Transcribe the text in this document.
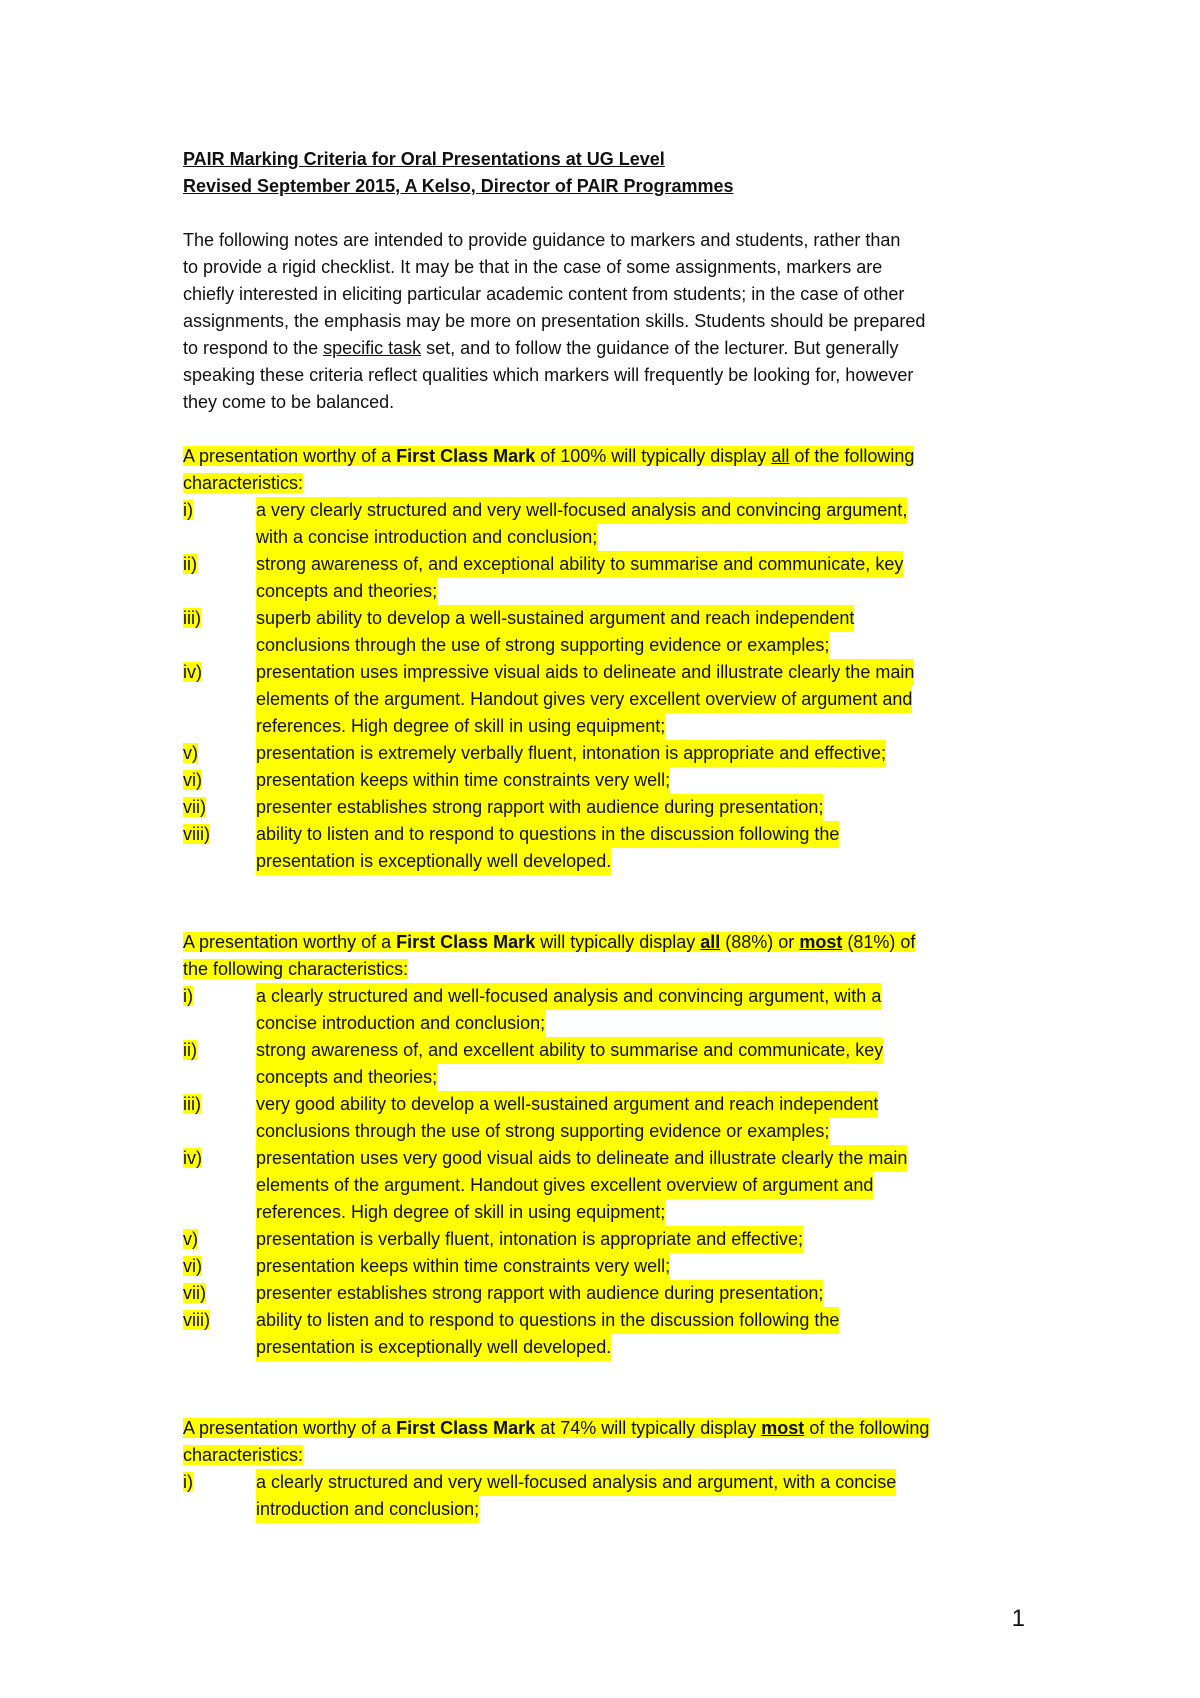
PAIR Marking Criteria for Oral Presentations at UG Level
Revised September 2015, A Kelso, Director of PAIR Programmes
The following notes are intended to provide guidance to markers and students, rather than
to provide a rigid checklist. It may be that in the case of some assignments, markers are
chiefly interested in eliciting particular academic content from students; in the case of other
assignments, the emphasis may be more on presentation skills. Students should be prepared
to respond to the specific task set, and to follow the guidance of the lecturer. But generally
speaking these criteria reflect qualities which markers will frequently be looking for, however
they come to be balanced.
A presentation worthy of a First Class Mark of 100% will typically display all of the following
characteristics:
i)	a very clearly structured and very well-focused analysis and convincing argument,
with a concise introduction and conclusion;
ii)	strong awareness of, and exceptional ability to summarise and communicate, key
concepts and theories;
iii)	superb ability to develop a well-sustained argument and reach independent
conclusions through the use of strong supporting evidence or examples;
iv)	presentation uses impressive visual aids to delineate and illustrate clearly the main
elements of the argument. Handout gives very excellent overview of argument and
references. High degree of skill in using equipment;
v)	presentation is extremely verbally fluent, intonation is appropriate and effective;
vi)	presentation keeps within time constraints very well;
vii)	presenter establishes strong rapport with audience during presentation;
viii)	ability to listen and to respond to questions in the discussion following the
presentation is exceptionally well developed.
A presentation worthy of a First Class Mark will typically display all (88%) or most (81%) of
the following characteristics:
i)	a clearly structured and well-focused analysis and convincing argument, with a
concise introduction and conclusion;
ii)	strong awareness of, and excellent ability to summarise and communicate, key
concepts and theories;
iii)	very good ability to develop a well-sustained argument and reach independent
conclusions through the use of strong supporting evidence or examples;
iv)	presentation uses very good visual aids to delineate and illustrate clearly the main
elements of the argument. Handout gives excellent overview of argument and
references. High degree of skill in using equipment;
v)	presentation is verbally fluent, intonation is appropriate and effective;
vi)	presentation keeps within time constraints very well;
vii)	presenter establishes strong rapport with audience during presentation;
viii)	ability to listen and to respond to questions in the discussion following the
presentation is exceptionally well developed.
A presentation worthy of a First Class Mark at 74% will typically display most of the following
characteristics:
i)	a clearly structured and very well-focused analysis and argument, with a concise
introduction and conclusion;
1
